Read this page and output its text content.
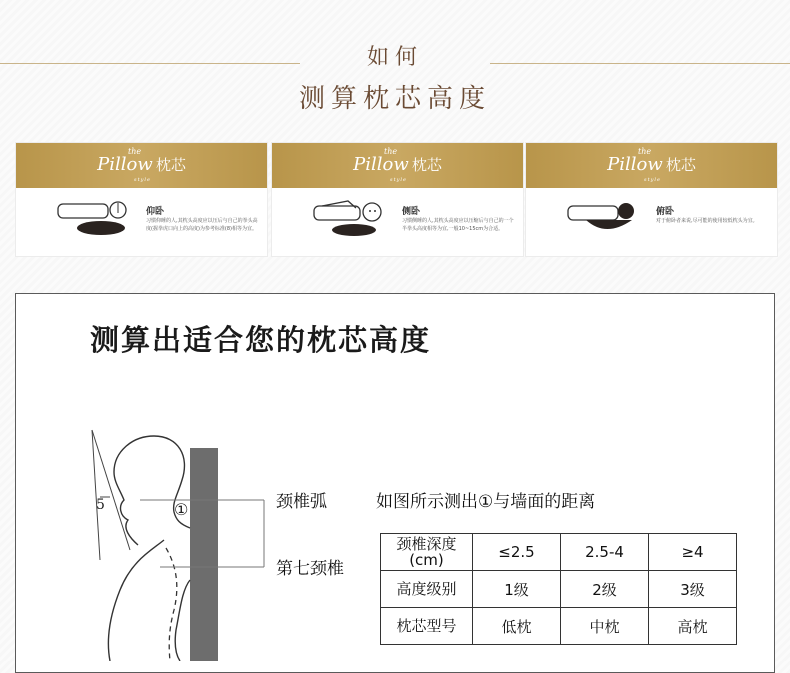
如何
测算枕芯高度
the
Pillow 枕芯
style
仰卧
习惯仰睡的人,其枕头高度应以压后与自己的拳头高度(握拳虎口向上的高度)为参考标准(8)相等为宜。
the
Pillow 枕芯
style
侧卧
习惯侧睡的人,其枕头高度应以压缩后与自己的一个半拳头高度相等为宜,一般10~15cm为合适。
the
Pillow 枕芯
style
俯卧
对于俯卧者来说,尽可能的使用较低枕头为宜。
测算出适合您的枕芯高度
5	①	颈椎弧
第七颈椎
如图所示测出①与墙面的距离
颈椎深度
(cm)	≤2.5	2.5-4	≥4
高度级别	1级	2级	3级
枕芯型号	低枕	中枕	高枕
